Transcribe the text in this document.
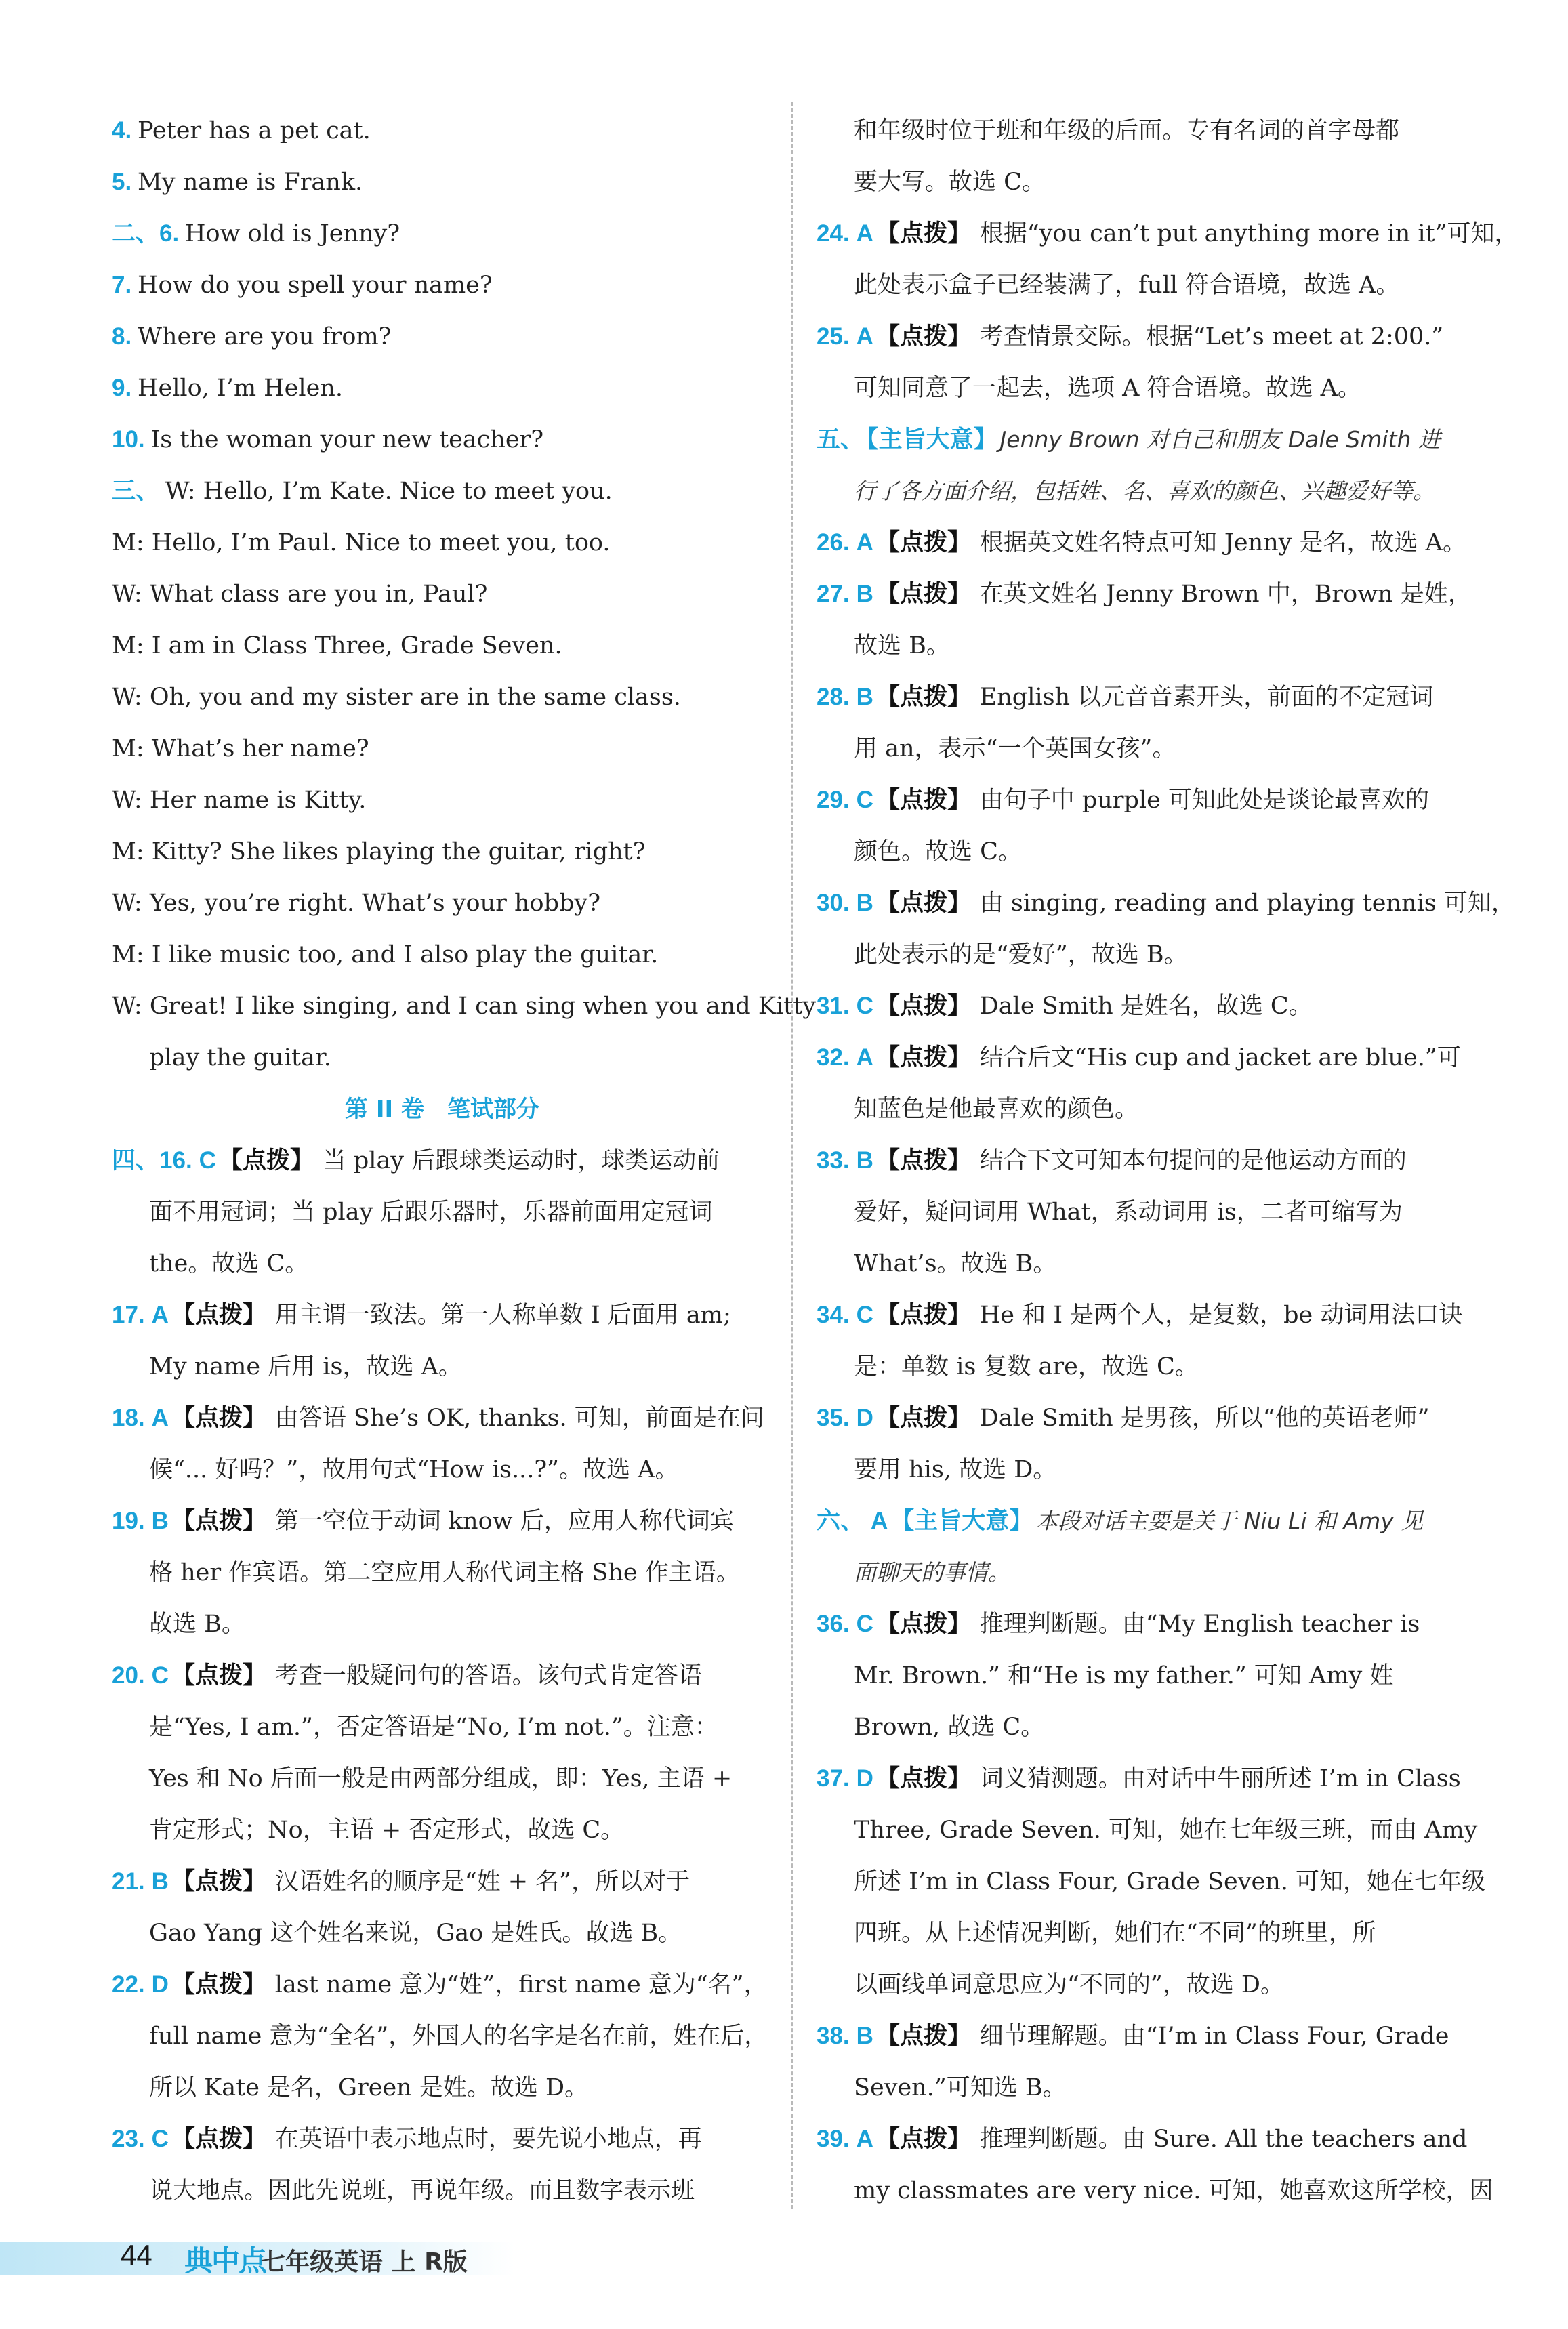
4. Peter has a pet cat.
5. My name is Frank.
二、6. How old is Jenny?
7. How do you spell your name?
8. Where are you from?
9. Hello, I’m Helen.
10. Is the woman your new teacher?
三、 W: Hello, I’m Kate. Nice to meet you.
M: Hello, I’m Paul. Nice to meet you, too.
W: What class are you in, Paul?
M: I am in Class Three, Grade Seven.
W: Oh, you and my sister are in the same class.
M: What’s her name?
W: Her name is Kitty.
M: Kitty? She likes playing the guitar, right?
W: Yes, you’re right. What’s your hobby?
M: I like music too, and I also play the guitar.
W: Great! I like singing, and I can sing when you and Kitty
play the guitar.
第 II 卷　笔试部分
四、16. C 【点拨】 当 play 后跟球类运动时，球类运动前
面不用冠词；当 play 后跟乐器时，乐器前面用定冠词
the。故选 C。
17. A 【点拨】 用主谓一致法。第一人称单数 I 后面用 am;
My name 后用 is，故选 A。
18. A 【点拨】 由答语 She’s OK, thanks. 可知，前面是在问
候“... 好吗？”，故用句式“How is...?”。故选 A。
19. B 【点拨】 第一空位于动词 know 后，应用人称代词宾
格 her 作宾语。第二空应用人称代词主格 She 作主语。
故选 B。
20. C 【点拨】 考查一般疑问句的答语。该句式肯定答语
是“Yes, I am.”，否定答语是“No, I’m not.”。注意：
Yes 和 No 后面一般是由两部分组成，即：Yes, 主语 +
肯定形式；No，主语 + 否定形式，故选 C。
21. B 【点拨】 汉语姓名的顺序是“姓 + 名”，所以对于
Gao Yang 这个姓名来说，Gao 是姓氏。故选 B。
22. D 【点拨】 last name 意为“姓”，first name 意为“名”，
full name 意为“全名”，外国人的名字是名在前，姓在后，
所以 Kate 是名，Green 是姓。故选 D。
23. C 【点拨】 在英语中表示地点时，要先说小地点，再
说大地点。因此先说班，再说年级。而且数字表示班
和年级时位于班和年级的后面。专有名词的首字母都
要大写。故选 C。
24. A 【点拨】 根据“you can’t put anything more in it”可知，
此处表示盒子已经装满了，full 符合语境，故选 A。
25. A 【点拨】 考查情景交际。根据“Let’s meet at 2:00.”
可知同意了一起去，选项 A 符合语境。故选 A。
五、 【主旨大意】 Jenny Brown 对自己和朋友 Dale Smith 进
行了各方面介绍，包括姓、名、喜欢的颜色、兴趣爱好等。
26. A 【点拨】 根据英文姓名特点可知 Jenny 是名，故选 A。
27. B 【点拨】 在英文姓名 Jenny Brown 中，Brown 是姓，
故选 B。
28. B 【点拨】 English 以元音音素开头，前面的不定冠词
用 an，表示“一个英国女孩”。
29. C 【点拨】 由句子中 purple 可知此处是谈论最喜欢的
颜色。故选 C。
30. B 【点拨】 由 singing, reading and playing tennis 可知，
此处表示的是“爱好”，故选 B。
31. C 【点拨】 Dale Smith 是姓名，故选 C。
32. A 【点拨】 结合后文“His cup and jacket are blue.”可
知蓝色是他最喜欢的颜色。
33. B 【点拨】 结合下文可知本句提问的是他运动方面的
爱好，疑问词用 What，系动词用 is，二者可缩写为
What’s。故选 B。
34. C 【点拨】 He 和 I 是两个人，是复数，be 动词用法口诀
是：单数 is 复数 are，故选 C。
35. D 【点拨】 Dale Smith 是男孩，所以“他的英语老师”
要用 his, 故选 D。
六、 A 【主旨大意】 本段对话主要是关于 Niu Li 和 Amy 见
面聊天的事情。
36. C 【点拨】 推理判断题。由“My English teacher is
Mr. Brown.” 和“He is my father.” 可知 Amy 姓
Brown, 故选 C。
37. D 【点拨】 词义猜测题。由对话中牛丽所述 I’m in Class
Three, Grade Seven. 可知，她在七年级三班，而由 Amy
所述 I’m in Class Four, Grade Seven. 可知，她在七年级
四班。从上述情况判断，她们在“不同”的班里，所
以画线单词意思应为“不同的”，故选 D。
38. B 【点拨】 细节理解题。由“I’m in Class Four, Grade
Seven.”可知选 B。
39. A 【点拨】 推理判断题。由 Sure. All the teachers and
my classmates are very nice. 可知，她喜欢这所学校，因
44 典中点
七年级英语 上 R版
